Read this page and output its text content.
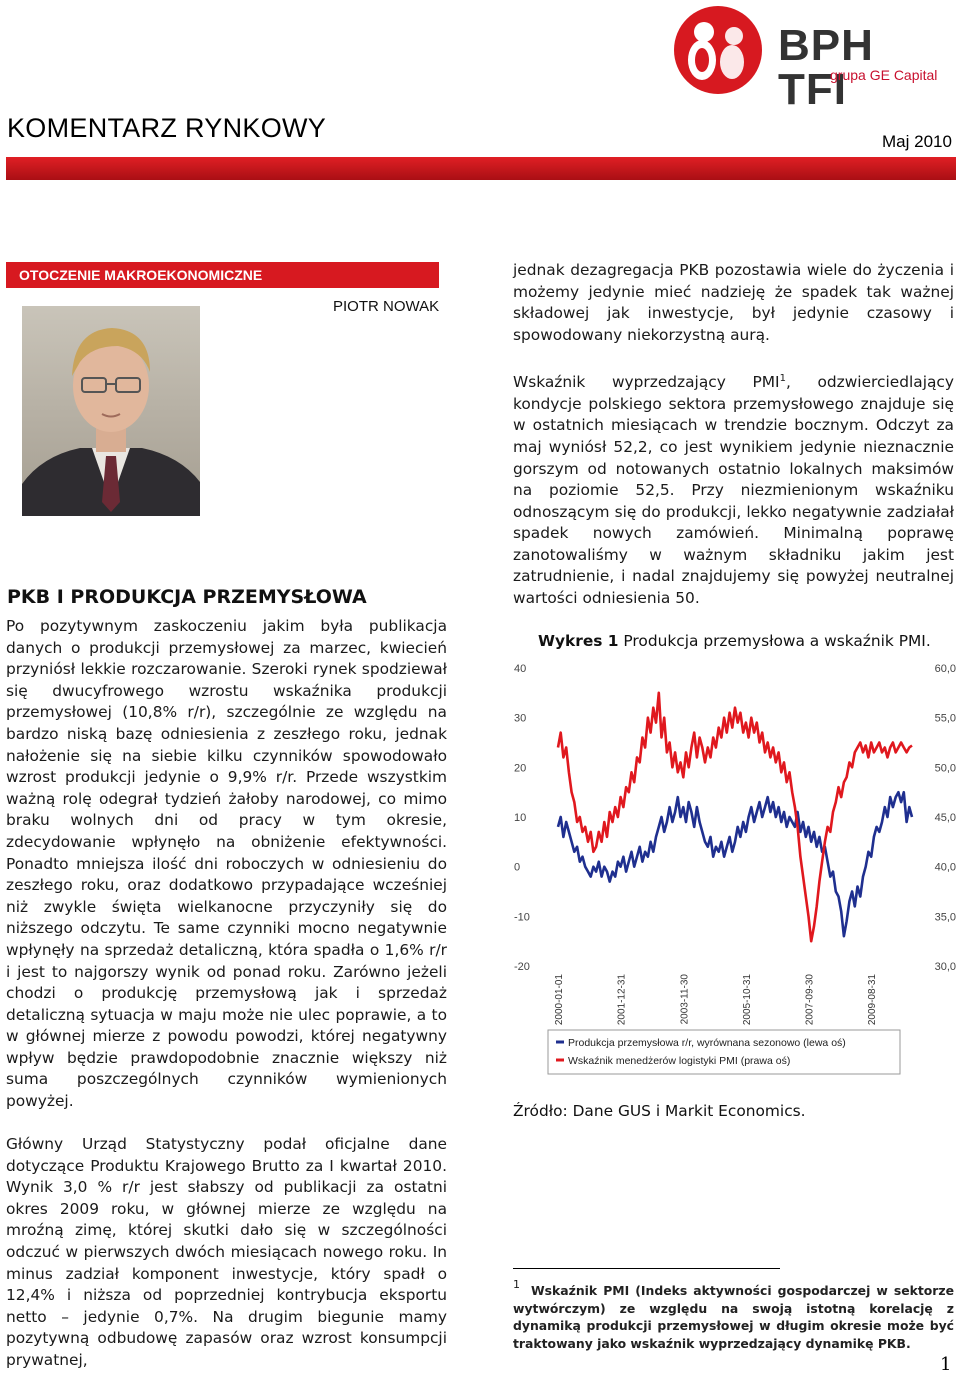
BPH TFI
grupa GE Capital
KOMENTARZ RYNKOWY	Maj 2010
OTOCZENIE MAKROEKONOMICZNE
PIOTR NOWAK
PKB I PRODUKCJA PRZEMYSŁOWA

Po pozytywnym zaskoczeniu jakim była publikacja danych o produkcji przemysłowej za marzec, kwiecień przyniósł lekkie rozczarowanie. Szeroki rynek spodziewał się dwucyfrowego wzrostu wskaźnika produkcji przemysłowej (10,8% r/r), szczególnie ze względu na bardzo niską bazę odniesienia z zeszłego roku, jednak nałożenie się na siebie kilku czynników spowodowało wzrost produkcji jedynie o 9,9% r/r. Przede wszystkim ważną rolę odegrał tydzień żałoby narodowej, co mimo braku wolnych dni od pracy w tym okresie, zdecydowanie wpłynęło na obniżenie efektywności. Ponadto mniejsza ilość dni roboczych w odniesieniu do zeszłego roku, oraz dodatkowo przypadające wcześniej niż zwykle święta wielkanocne przyczyniły się do niższego odczytu. Te same czynniki mocno negatywnie wpłynęły na sprzedaż detaliczną, która spadła o 1,6% r/r i jest to najgorszy wynik od ponad roku. Zarówno jeżeli chodzi o produkcję przemysłową jak i sprzedaż detaliczną sytuacja w maju może nie ulec poprawie, a to w głównej mierze z powodu powodzi, której negatywny wpływ będzie prawdopodobnie znacznie większy niż suma poszczególnych czynników wymienionych powyżej.

Główny Urząd Statystyczny podał oficjalne dane dotyczące Produktu Krajowego Brutto za I kwartał 2010. Wynik 3,0 % r/r jest słabszy od publikacji za ostatni okres 2009 roku, w głównej mierze ze względu na mroźną zimę, której skutki dało się w szczególności odczuć w pierwszych dwóch miesiącach nowego roku. In minus zadział komponent inwestycje, który spadł o 12,4% i niższa od poprzedniej kontrybucja eksportu netto – jedynie 0,7%. Na drugim biegunie mamy pozytywną odbudowę zapasów oraz wzrost konsumpcji prywatnej,

jednak dezagregacja PKB pozostawia wiele do życzenia i możemy jedynie mieć nadzieję że spadek tak ważnej składowej jak inwestycje, był jedynie czasowy i spowodowany niekorzystną aurą.

Wskaźnik wyprzedzający PMI$^1$, odzwierciedlający kondycje polskiego sektora przemysłowego znajduje się w ostatnich miesiącach w trendzie bocznym. Odczyt za maj wyniósł 52,2, co jest wynikiem jedynie nieznacznie gorszym od notowanych ostatnio lokalnych maksimów na poziomie 52,5. Przy niezmienionym wskaźniku odnoszącym się do produkcji, lekko negatywnie zadziałał spadek nowych zamówień. Minimalną poprawę zanotowaliśmy w ważnym składniku jakim jest zatrudnienie, i nadal znajdujemy się powyżej neutralnej wartości odniesienia 50.

Wykres 1 Produkcja przemysłowa a wskaźnik PMI.
40
30
20
10
0
-10
-20
60,0
55,0
50,0
45,0
40,0
35,0
30,0
2000-01-01	2001-12-31	2003-11-30	2005-10-31	2007-09-30	2009-08-31
Produkcja przemysłowa r/r, wyrównana sezonowo (lewa oś)
Wskaźnik menedżerów logistyki PMI (prawa oś)
Źródło: Dane GUS i Markit Economics.
1 Wskaźnik PMI (Indeks aktywności gospodarczej w sektorze wytwórczym) ze względu na swoją istotną korelację z dynamiką produkcji przemysłowej w długim okresie może być traktowany jako wskaźnik wyprzedzający dynamikę PKB.

1
